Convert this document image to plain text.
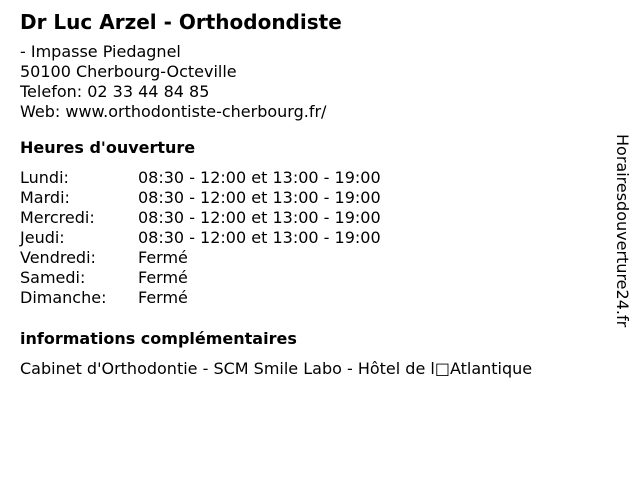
Dr Luc Arzel - Orthodondiste
- Impasse Piedagnel
50100 Cherbourg-Octeville
Telefon: 02 33 44 84 85
Web: www.orthodontiste-cherbourg.fr/
Heures d'ouverture
Lundi:	08:30 - 12:00 et 13:00 - 19:00
Mardi:	08:30 - 12:00 et 13:00 - 19:00
Mercredi:	08:30 - 12:00 et 13:00 - 19:00
Jeudi:	08:30 - 12:00 et 13:00 - 19:00
Vendredi:	Fermé
Samedi:	Fermé
Dimanche:	Fermé
informations complémentaires
Cabinet d'Orthodontie - SCM Smile Labo - Hôtel de l□Atlantique
Horairesdouverture24.fr
